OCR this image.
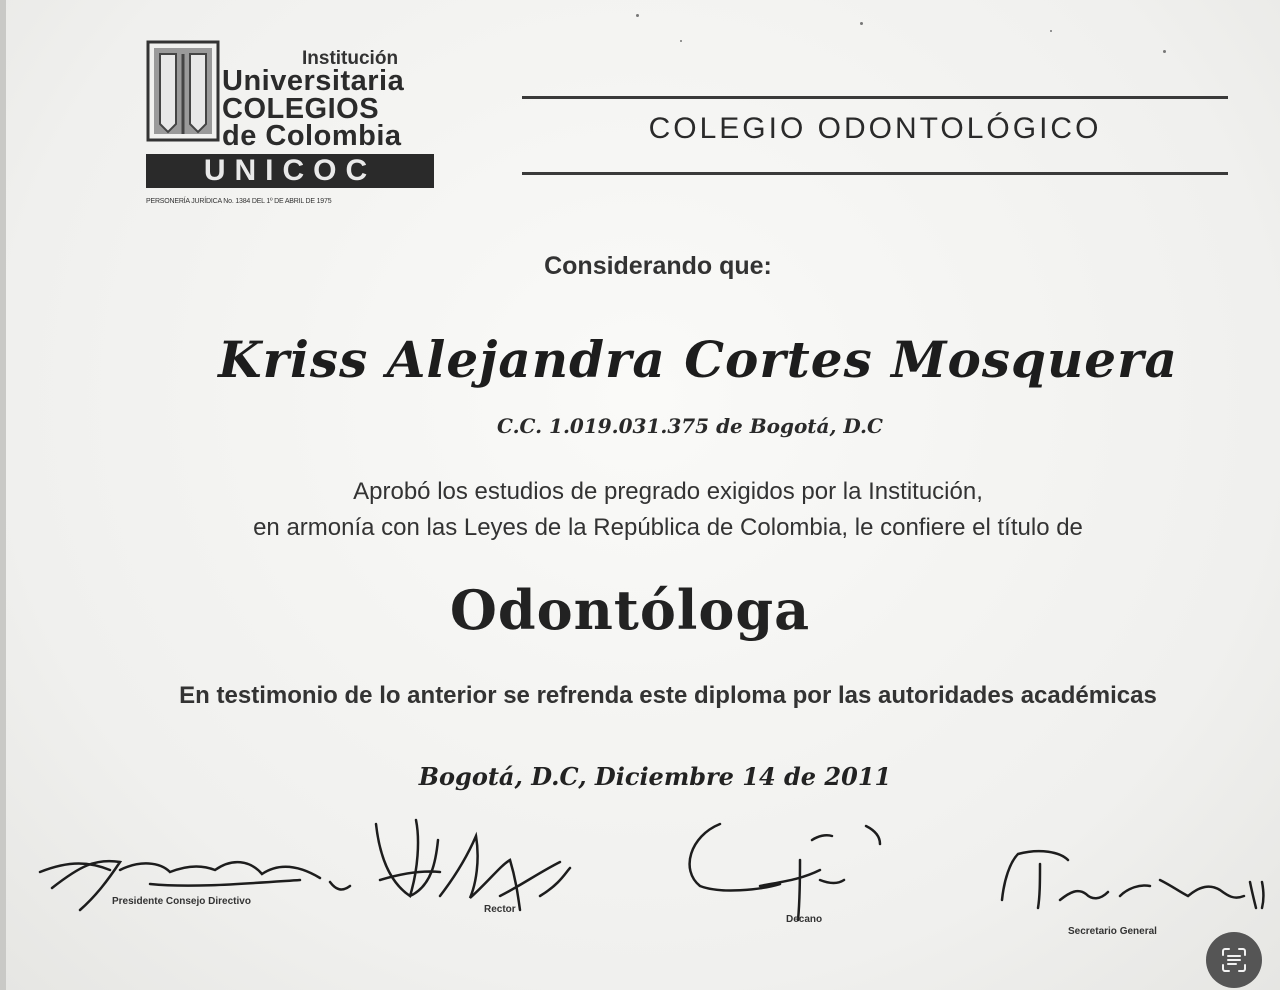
Institución
Universitaria
COLEGIOS
de Colombia
UNICOC
PERSONERÍA JURÍDICA No. 1384 DEL 1º DE ABRIL DE 1975
COLEGIO ODONTOLÓGICO
Considerando que:
Kriss Alejandra Cortes Mosquera
C.C. 1.019.031.375 de Bogotá, D.C
Aprobó los estudios de pregrado exigidos por la Institución,
en armonía con las Leyes de la República de Colombia, le confiere el título de
Odontóloga
En testimonio de lo anterior se refrenda este diploma por las autoridades académicas
Bogotá, D.C, Diciembre 14 de 2011
Presidente Consejo Directivo
Rector
Decano
Secretario General
